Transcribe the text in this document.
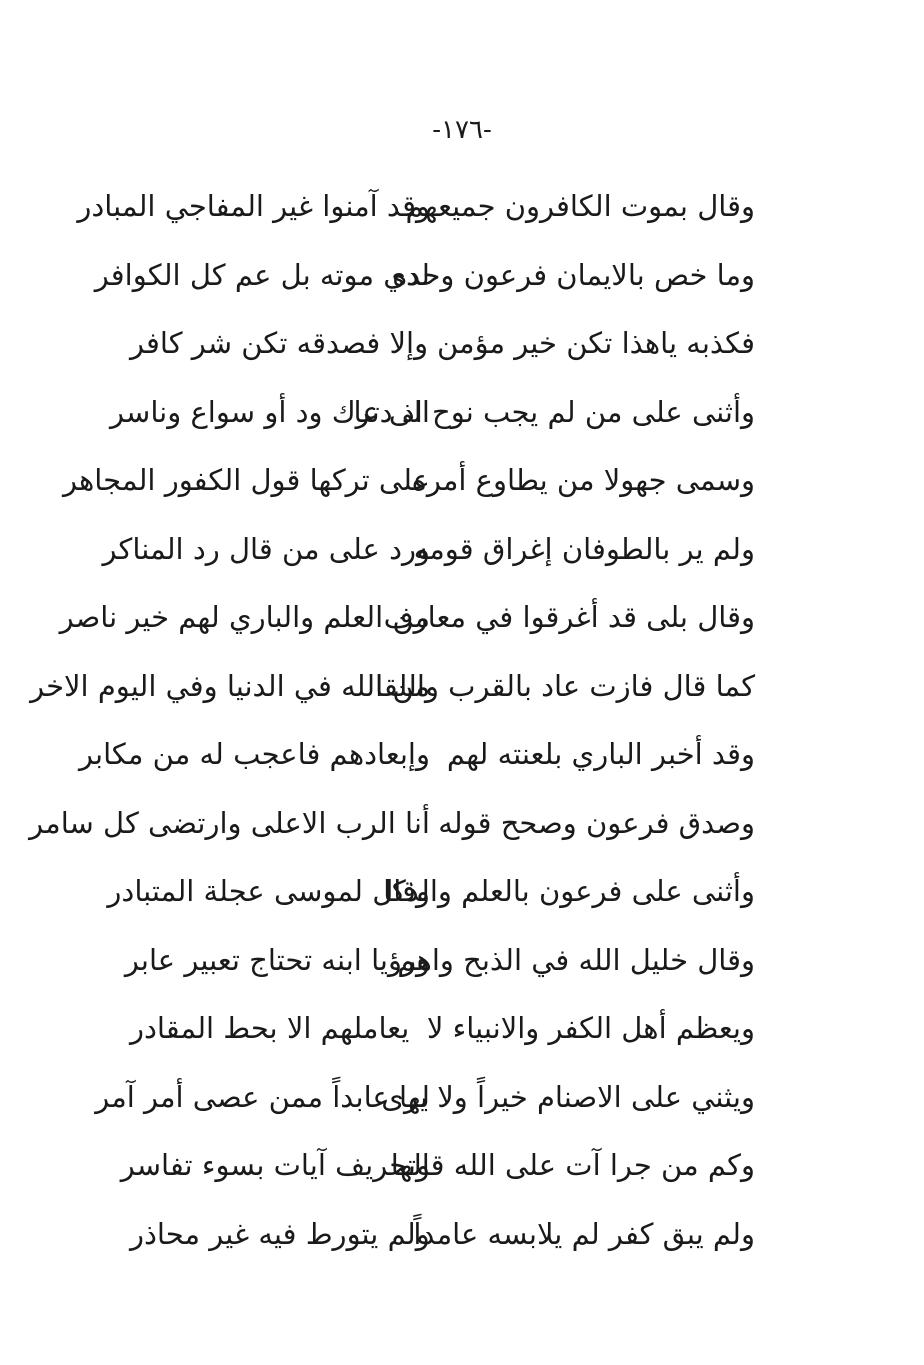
-١٧٦-
وقال بموت الكافرون جميعهم
وقد آمنوا غير المفاجي المبادر
وما خص بالايمان فرعون وحده
لدي موته بل عم كل الكوافر
فكذبه ياهذا تكن خير مؤمن
وإلا فصدقه تكن شر كافر
وأثنى على من لم يجب نوح اذ دعا
الى ترك ود أو سواع وناسر
وسمى جهولا من يطاوع أمره
على تركها قول الكفور المجاهر
ولم ير بالطوفان إغراق قومه
ورد على من قال رد المناكر
وقال بلى قد أغرقوا في معارف
من العلم والباري لهم خير ناصر
كما قال فازت عاد بالقرب واللقا
من الله في الدنيا وفي اليوم الاخر
وقد أخبر الباري بلعنته لهم
وإبعادهم فاعجب له من مكابر
وصدق فرعون وصحح قوله
أنا الرب الاعلى وارتضى كل سامر
وأثنى على فرعون بالعلم والذكا
وقال لموسى عجلة المتبادر
وقال خليل الله في الذبح واهم
ورؤيا ابنه تحتاج تعبير عابر
ويعظم أهل الكفر والانبياء لا
يعاملهم الا بحط المقادر
ويثني على الاصنام خيراً ولا يرى
لها عابداً ممن عصى أمر آمر
وكم من جرا آت على الله قالها
وتحريف آيات بسوء تفاسر
ولم يبق كفر لم يلابسه عامداً
ولم يتورط فيه غير محاذر
